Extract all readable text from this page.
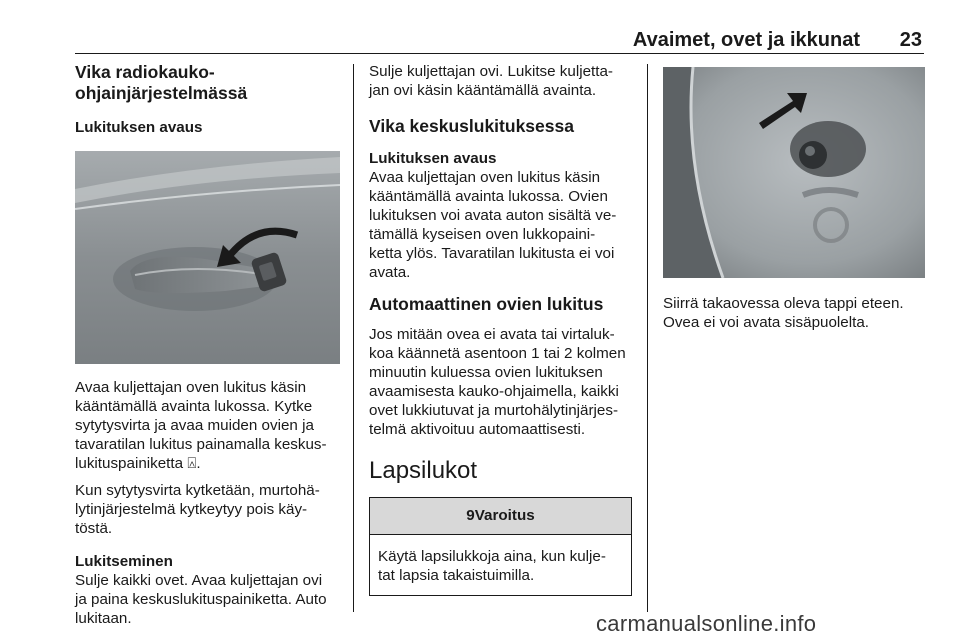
Avaimet, ovet ja ikkunat 23
Vika radiokauko-
ohjainjärjestelmässä
Lukituksen avaus

Avaa kuljettajan oven lukitus käsin
kääntämällä avainta lukossa. Kytke
sytytysvirta ja avaa muiden ovien ja
tavaratilan lukitus painamalla keskus-
lukituspainiketta ⍓.

Kun sytytysvirta kytketään, murtohä-
lytinjärjestelmä kytkeytyy pois käy-
töstä.

Lukitseminen

Sulje kaikki ovet. Avaa kuljettajan ovi
ja paina keskuslukituspainiketta. Auto
lukitaan.

Sulje kuljettajan ovi. Lukitse kuljetta-
jan ovi käsin kääntämällä avainta.

Vika keskuslukituksessa
Lukituksen avaus

Avaa kuljettajan oven lukitus käsin
kääntämällä avainta lukossa. Ovien
lukituksen voi avata auton sisältä ve-
tämällä kyseisen oven lukkopaini-
ketta ylös. Tavaratilan lukitusta ei voi
avata.

Automaattinen ovien lukitus

Jos mitään ovea ei avata tai virtaluk-
koa käännetä asentoon 1 tai 2 kolmen
minuutin kuluessa ovien lukituksen
avaamisesta kauko-ohjaimella, kaikki
ovet lukkiutuvat ja murtohälytinjärjes-
telmä aktivoituu automaattisesti.

Lapsilukot
9Varoitus
Käytä lapsilukkoja aina, kun kulje-
tat lapsia takaistuimilla.

Siirrä takaovessa oleva tappi eteen.
Ovea ei voi avata sisäpuolelta.

carmanualsonline.info
